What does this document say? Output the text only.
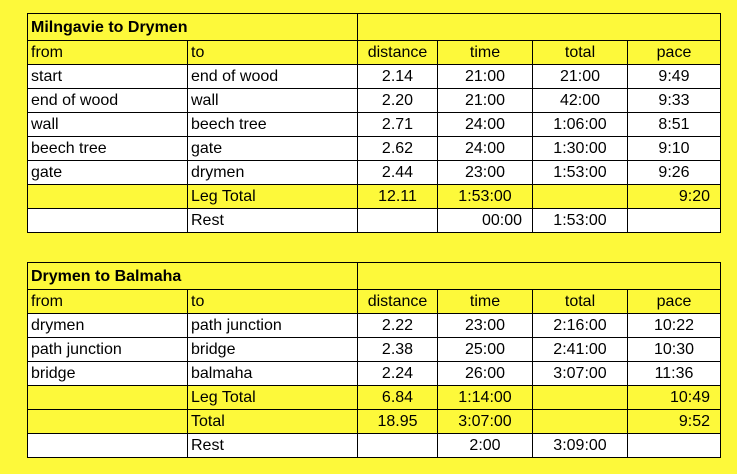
Milngavie to Drymen					
from	to	distance	time	total	pace
start	end of wood	2.14	21:00	21:00	9:49
end of wood	wall	2.20	21:00	42:00	9:33
wall	beech tree	2.71	24:00	1:06:00	8:51
beech tree	gate	2.62	24:00	1:30:00	9:10
gate	drymen	2.44	23:00	1:53:00	9:26
	Leg Total	12.11	1:53:00		9:20
	Rest		00:00	1:53:00	
Drymen to Balmaha					
from	to	distance	time	total	pace
drymen	path junction	2.22	23:00	2:16:00	10:22
path junction	bridge	2.38	25:00	2:41:00	10:30
bridge	balmaha	2.24	26:00	3:07:00	11:36
	Leg Total	6.84	1:14:00		10:49
	Total	18.95	3:07:00		9:52
	Rest		2:00	3:09:00	
